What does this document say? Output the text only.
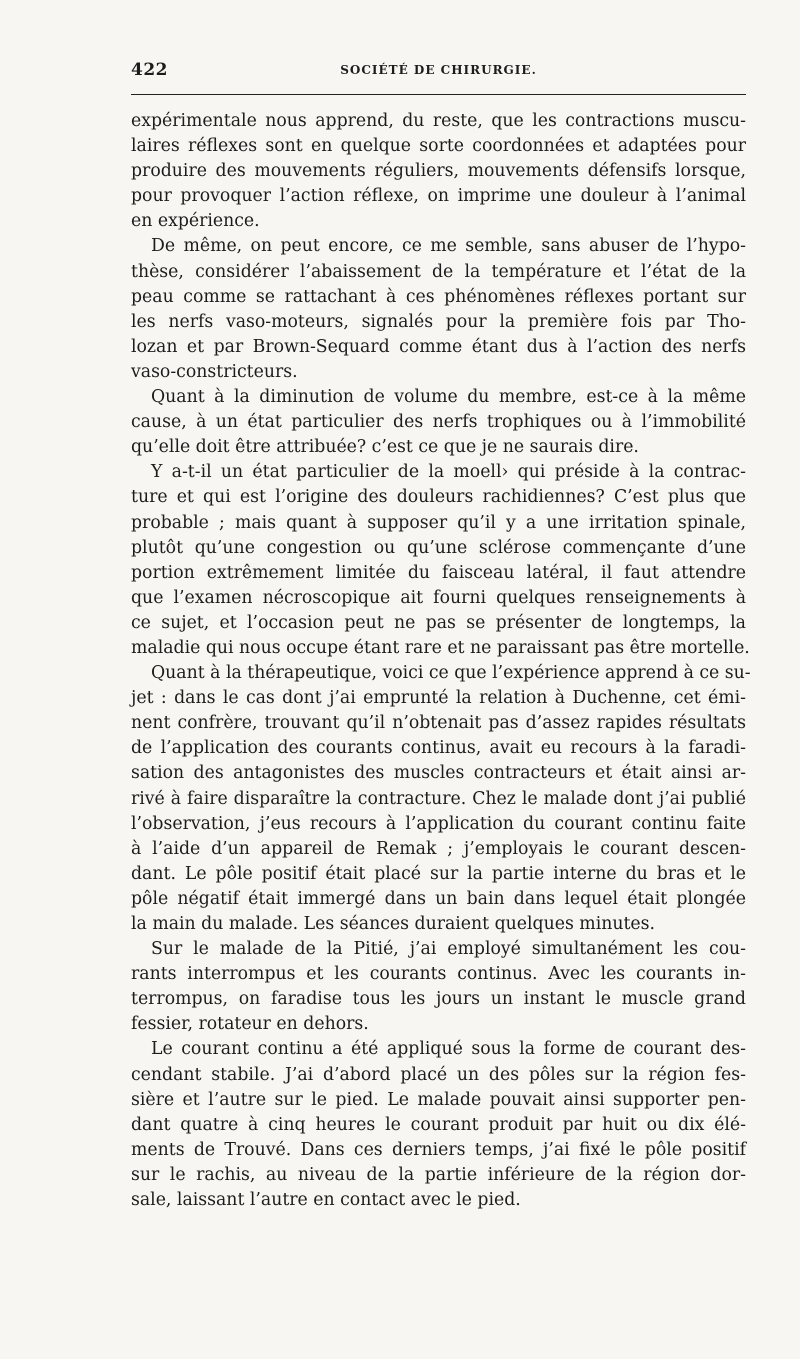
422	SOCIÉTÉ DE CHIRURGIE.
expérimentale nous apprend, du reste, que les contractions muscu-
laires réflexes sont en quelque sorte coordonnées et adaptées pour
produire des mouvements réguliers, mouvements défensifs lorsque,
pour provoquer l’action réflexe, on imprime une douleur à l’animal
en expérience.
De même, on peut encore, ce me semble, sans abuser de l’hypo-
thèse, considérer l’abaissement de la température et l’état de la
peau comme se rattachant à ces phénomènes réflexes portant sur
les nerfs vaso-moteurs, signalés pour la première fois par Tho-
lozan et par Brown-Sequard comme étant dus à l’action des nerfs
vaso-constricteurs.
Quant à la diminution de volume du membre, est-ce à la même
cause, à un état particulier des nerfs trophiques ou à l’immobilité
qu’elle doit être attribuée? c’est ce que je ne saurais dire.
Y a-t-il un état particulier de la moell› qui préside à la contrac-
ture et qui est l’origine des douleurs rachidiennes? C’est plus que
probable ; mais quant à supposer qu’il y a une irritation spinale,
plutôt qu’une congestion ou qu’une sclérose commençante d’une
portion extrêmement limitée du faisceau latéral, il faut attendre
que l’examen nécroscopique ait fourni quelques renseignements à
ce sujet, et l’occasion peut ne pas se présenter de longtemps, la
maladie qui nous occupe étant rare et ne paraissant pas être mortelle.
Quant à la thérapeutique, voici ce que l’expérience apprend à ce su-
jet : dans le cas dont j’ai emprunté la relation à Duchenne, cet émi-
nent confrère, trouvant qu’il n’obtenait pas d’assez rapides résultats
de l’application des courants continus, avait eu recours à la faradi-
sation des antagonistes des muscles contracteurs et était ainsi ar-
rivé à faire disparaître la contracture. Chez le malade dont j’ai publié
l’observation, j’eus recours à l’application du courant continu faite
à l’aide d’un appareil de Remak ; j’employais le courant descen-
dant. Le pôle positif était placé sur la partie interne du bras et le
pôle négatif était immergé dans un bain dans lequel était plongée
la main du malade. Les séances duraient quelques minutes.
Sur le malade de la Pitié, j’ai employé simultanément les cou-
rants interrompus et les courants continus. Avec les courants in-
terrompus, on faradise tous les jours un instant le muscle grand
fessier, rotateur en dehors.
Le courant continu a été appliqué sous la forme de courant des-
cendant stabile. J’ai d’abord placé un des pôles sur la région fes-
sière et l’autre sur le pied. Le malade pouvait ainsi supporter pen-
dant quatre à cinq heures le courant produit par huit ou dix élé-
ments de Trouvé. Dans ces derniers temps, j’ai fixé le pôle positif
sur le rachis, au niveau de la partie inférieure de la région dor-
sale, laissant l’autre en contact avec le pied.
